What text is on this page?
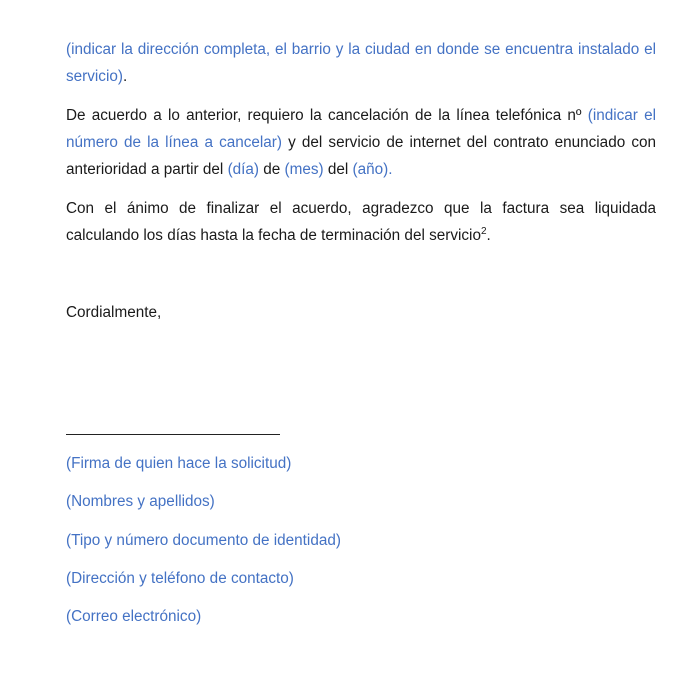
(indicar la dirección completa, el barrio y la ciudad en donde se encuentra instalado el servicio).

De acuerdo a lo anterior, requiero la cancelación de la línea telefónica nº (indicar el número de la línea a cancelar) y del servicio de internet del contrato enunciado con anterioridad a partir del (día) de (mes) del (año).

Con el ánimo de finalizar el acuerdo, agradezco que la factura sea liquidada calculando los días hasta la fecha de terminación del servicio$^2$.

Cordialmente,
(Firma de quien hace la solicitud)
(Nombres y apellidos)
(Tipo y número documento de identidad)
(Dirección y teléfono de contacto)
(Correo electrónico)
